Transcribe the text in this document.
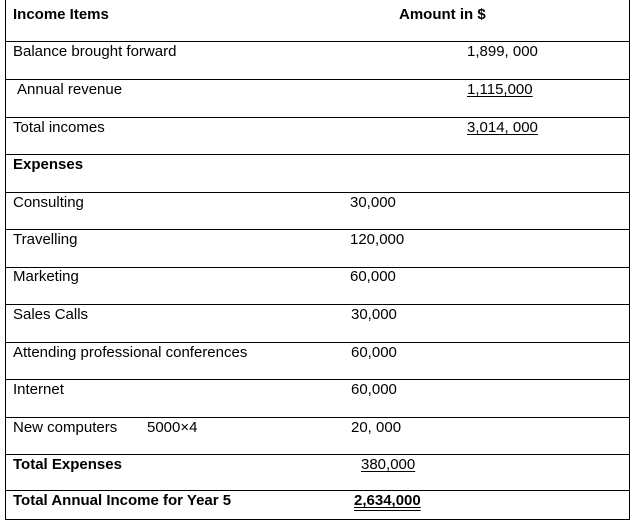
Income Items	Amount in $
Balance brought forward	1,899, 000
Annual revenue	1,115,000
Total incomes	3,014, 000
Expenses
Consulting	30,000
Travelling	120,000
Marketing	60,000
Sales Calls	30,000
Attending professional conferences	60,000
Internet	60,000
New computers 5000×4	20, 000
Total Expenses	380,000
Total Annual Income for Year 5	2,634,000
